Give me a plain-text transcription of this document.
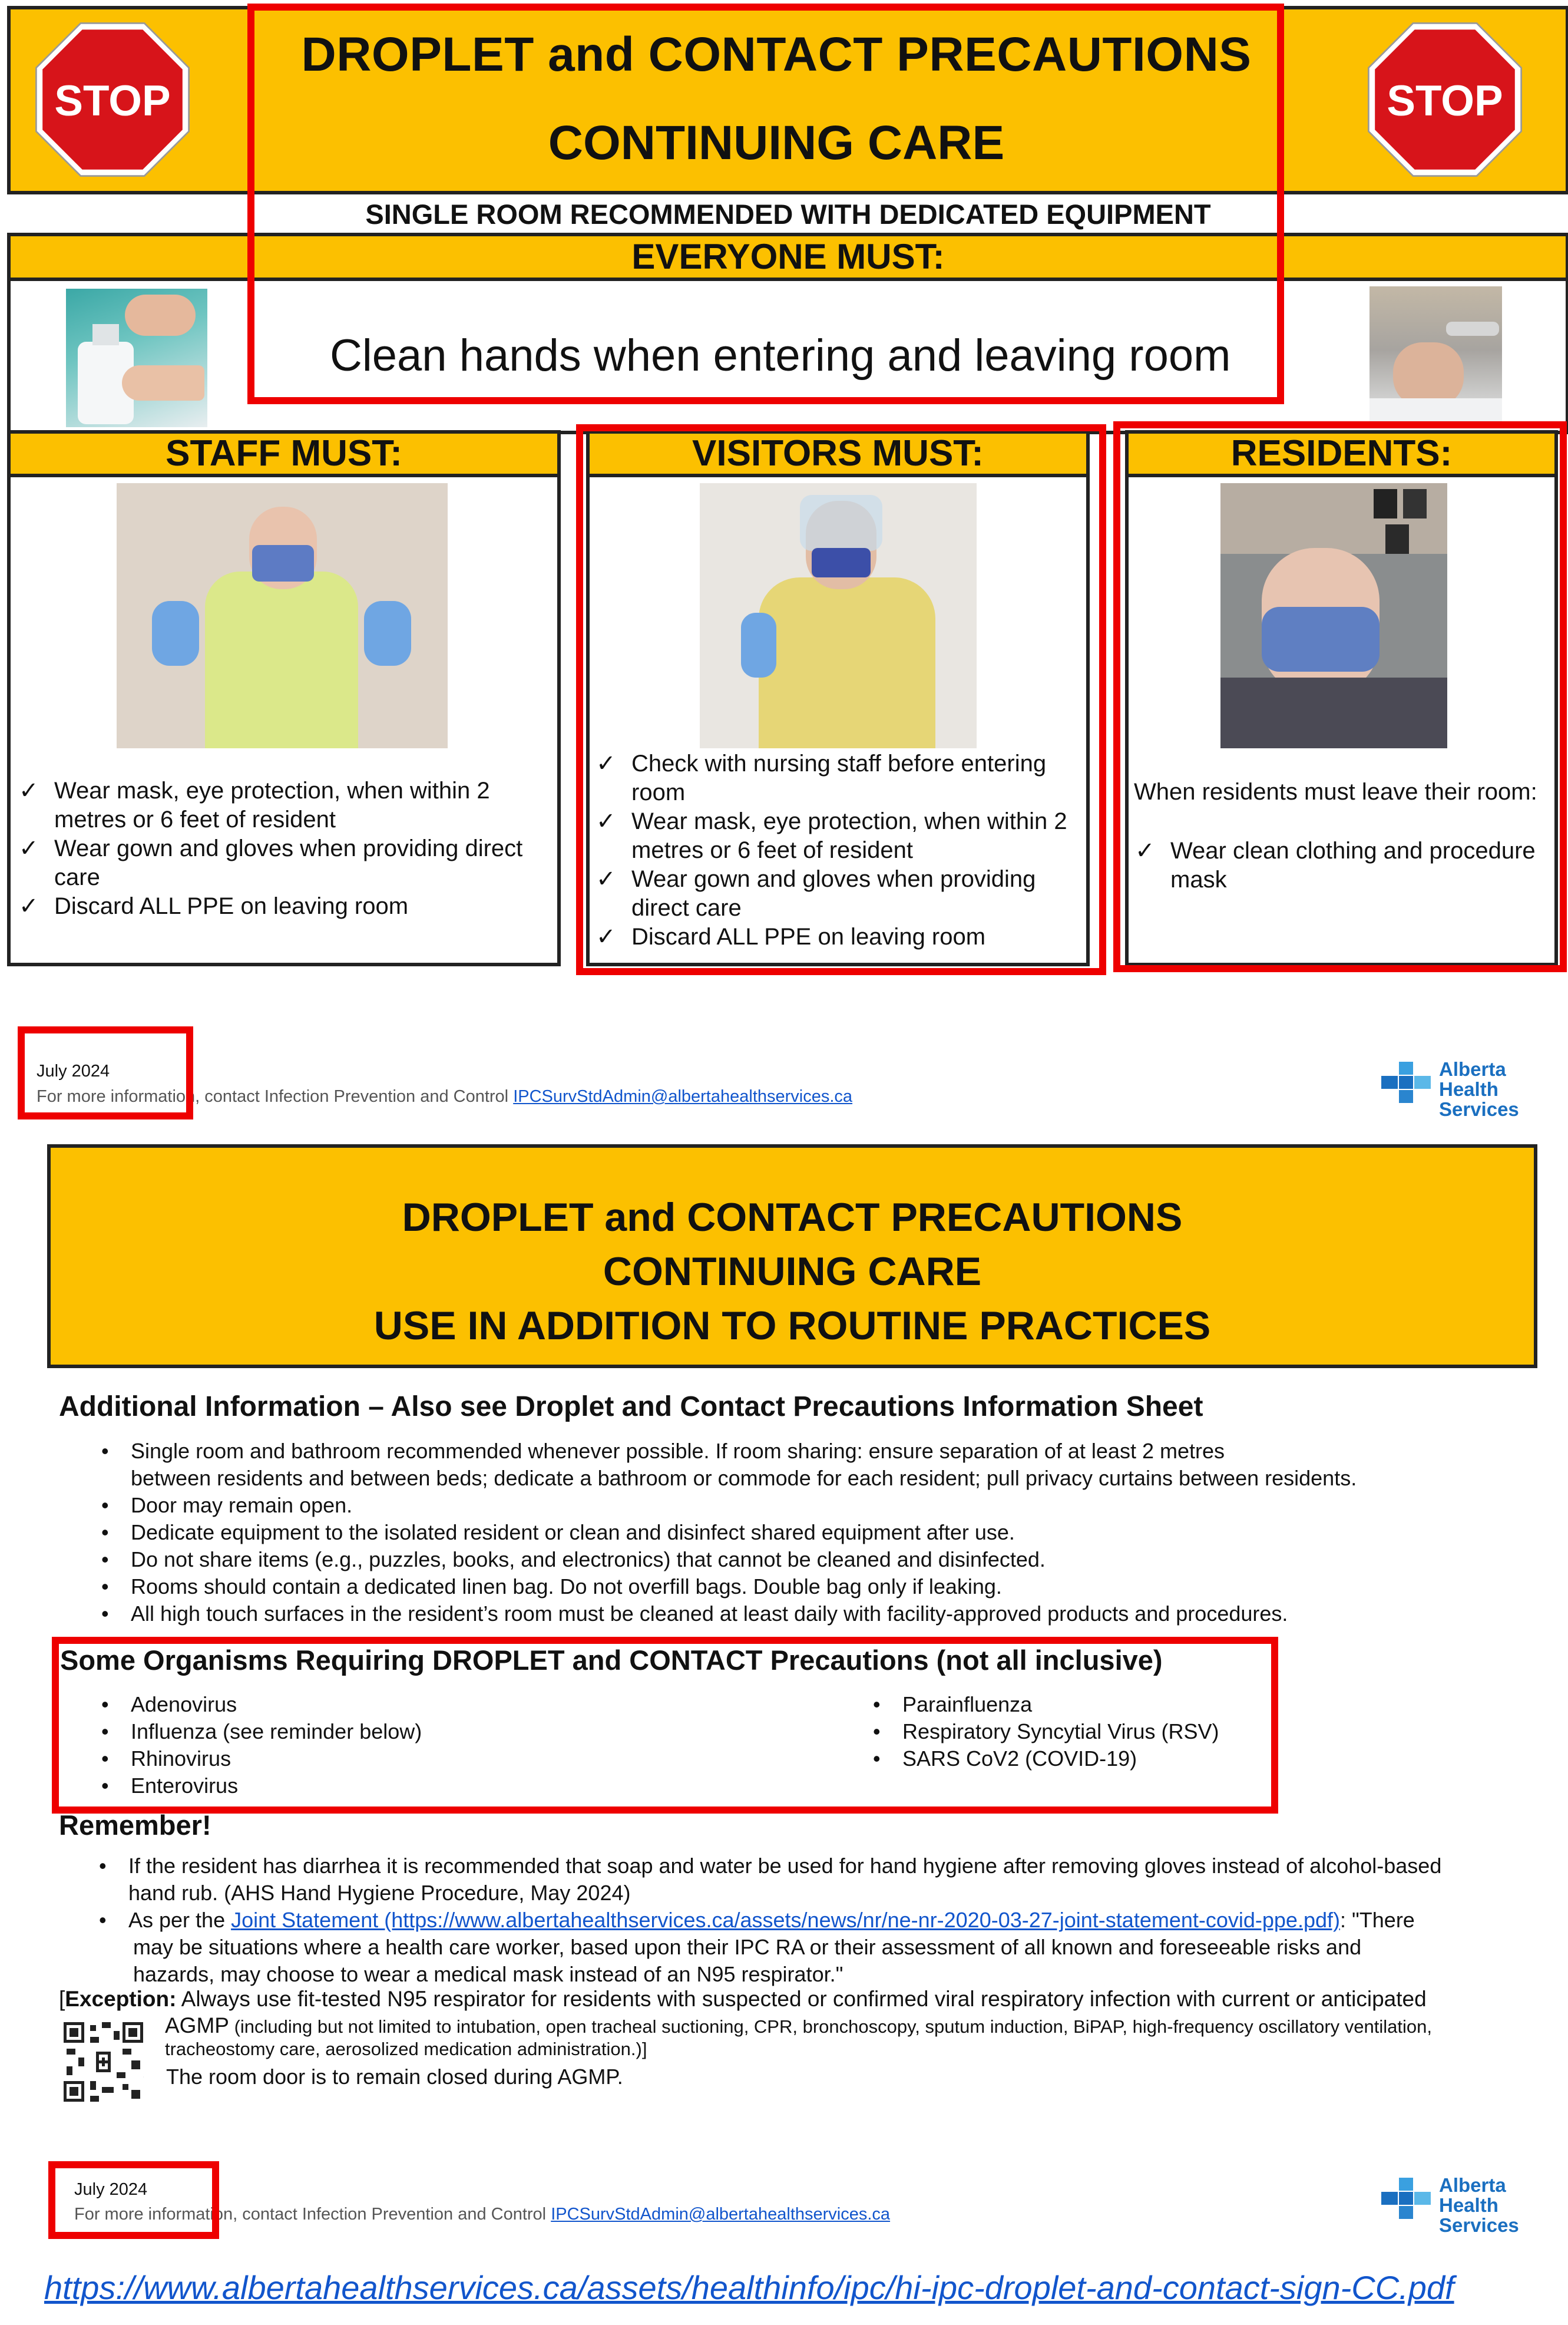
STOP	STOP
DROPLET and CONTACT PRECAUTIONS
CONTINUING CARE
SINGLE ROOM RECOMMENDED WITH DEDICATED EQUIPMENT
EVERYONE MUST:
Clean hands when entering and leaving room
STAFF MUST:
✓ Wear mask, eye protection, when within 2 metres or 6 feet of resident
✓ Wear gown and gloves when providing direct care
✓ Discard ALL PPE on leaving room
VISITORS MUST:
✓ Check with nursing staff before entering room
✓ Wear mask, eye protection, when within 2 metres or 6 feet of resident
✓ Wear gown and gloves when providing direct care
✓ Discard ALL PPE on leaving room
RESIDENTS:
When residents must leave their room:
✓ Wear clean clothing and procedure mask
July 2024
For more information, contact Infection Prevention and Control IPCSurvStdAdmin@albertahealthservices.ca
Alberta Health
Services
DROPLET and CONTACT PRECAUTIONS
CONTINUING CARE
USE IN ADDITION TO ROUTINE PRACTICES
Additional Information – Also see Droplet and Contact Precautions Information Sheet
• Single room and bathroom recommended whenever possible. If room sharing: ensure separation of at least 2 metres
between residents and between beds; dedicate a bathroom or commode for each resident; pull privacy curtains between residents.
• Door may remain open.
• Dedicate equipment to the isolated resident or clean and disinfect shared equipment after use.
• Do not share items (e.g., puzzles, books, and electronics) that cannot be cleaned and disinfected.
• Rooms should contain a dedicated linen bag. Do not overfill bags. Double bag only if leaking.
• All high touch surfaces in the resident’s room must be cleaned at least daily with facility-approved products and procedures.
Some Organisms Requiring DROPLET and CONTACT Precautions (not all inclusive)
• Adenovirus
• Influenza (see reminder below)
• Rhinovirus
• Enterovirus
• Parainfluenza
• Respiratory Syncytial Virus (RSV)
• SARS CoV2 (COVID-19)
Remember!
• If the resident has diarrhea it is recommended that soap and water be used for hand hygiene after removing gloves instead of alcohol-based
hand rub. (AHS Hand Hygiene Procedure, May 2024)
• As per the Joint Statement (https://www.albertahealthservices.ca/assets/news/nr/ne-nr-2020-03-27-joint-statement-covid-ppe.pdf): "There
may be situations where a health care worker, based upon their IPC RA or their assessment of all known and foreseeable risks and
hazards, may choose to wear a medical mask instead of an N95 respirator."
[Exception: Always use fit-tested N95 respirator for residents with suspected or confirmed viral respiratory infection with current or anticipated
AGMP (including but not limited to intubation, open tracheal suctioning, CPR, bronchoscopy, sputum induction, BiPAP, high-frequency oscillatory ventilation,
tracheostomy care, aerosolized medication administration.)]
• The room door is to remain closed during AGMP.
July 2024
For more information, contact Infection Prevention and Control IPCSurvStdAdmin@albertahealthservices.ca
Alberta Health
Services
https://www.albertahealthservices.ca/assets/healthinfo/ipc/hi-ipc-droplet-and-contact-sign-CC.pdf
